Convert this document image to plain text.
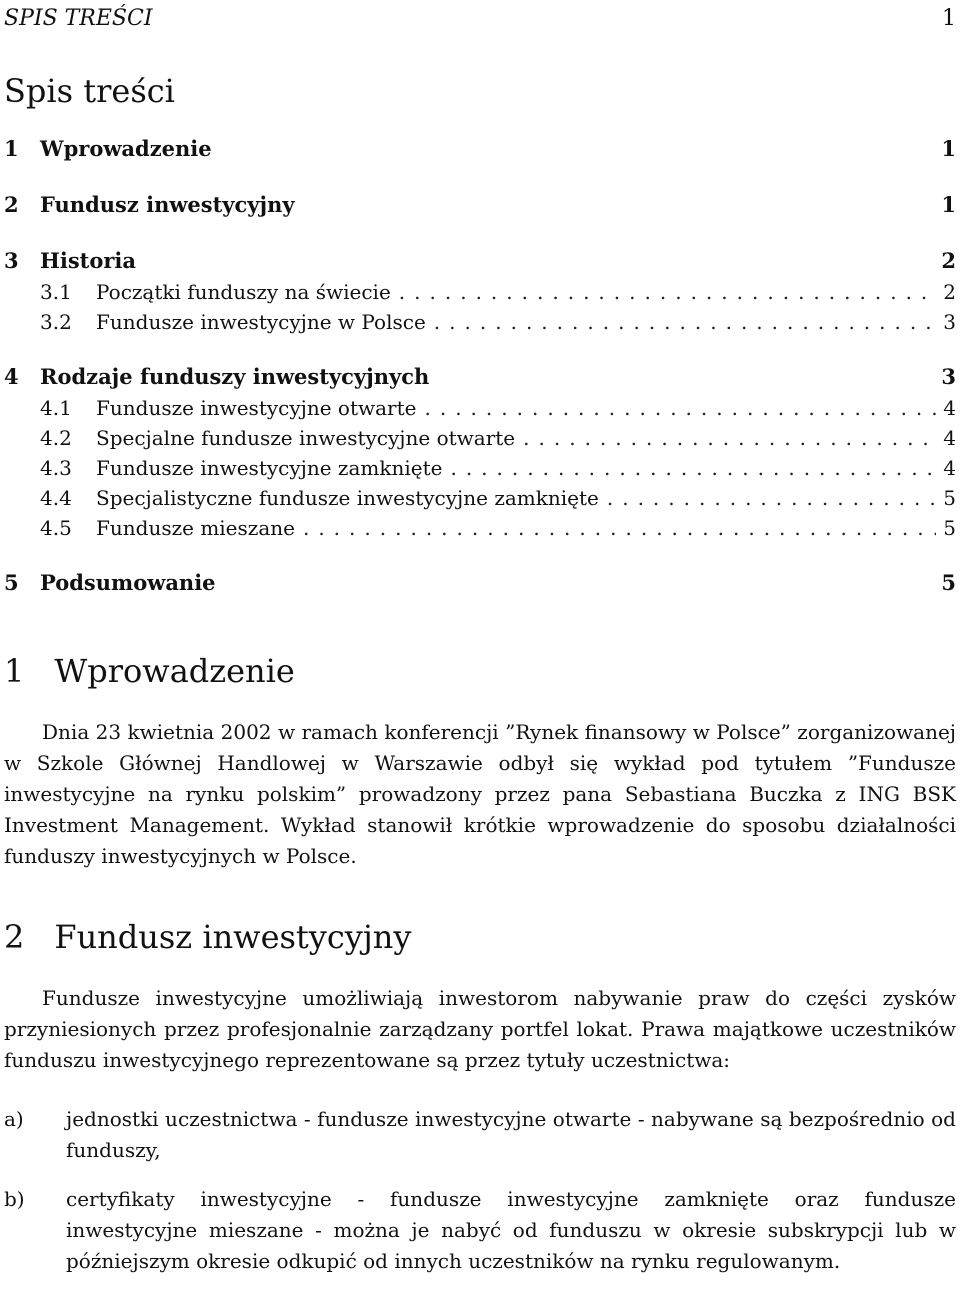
SPIS TREŚCI	1
Spis treści
1	Wprowadzenie	1
2	Fundusz inwestycyjny	1
3	Historia	2
3.1	Początki funduszy na świecie .....	2
3.2	Fundusze inwestycyjne w Polsce .....	3
4	Rodzaje funduszy inwestycyjnych	3
4.1	Fundusze inwestycyjne otwarte .....	4
4.2	Specjalne fundusze inwestycyjne otwarte .....	4
4.3	Fundusze inwestycyjne zamknięte .....	4
4.4	Specjalistyczne fundusze inwestycyjne zamknięte .....	5
4.5	Fundusze mieszane .....	5
5	Podsumowanie	5
1 Wprowadzenie

Dnia 23 kwietnia 2002 w ramach konferencji ”Rynek finansowy w Polsce” zorganizowanej w Szkole Głównej Handlowej w Warszawie odbył się wykład pod tytułem ”Fundusze inwestycyjne na rynku polskim” prowadzony przez pana Sebastiana Buczka z ING BSK Investment Management. Wykład stanowił krótkie wprowadzenie do sposobu działalności funduszy inwestycyjnych w Polsce.

2 Fundusz inwestycyjny

Fundusze inwestycyjne umożliwiają inwestorom nabywanie praw do części zysków przyniesionych przez profesjonalnie zarządzany portfel lokat. Prawa majątkowe uczestników funduszu inwestycyjnego reprezentowane są przez tytuły uczestnictwa:

a)	jednostki uczestnictwa - fundusze inwestycyjne otwarte - nabywane są bezpośrednio od funduszy,
b)	certyfikaty inwestycyjne - fundusze inwestycyjne zamknięte oraz fundusze inwestycyjne mieszane - można je nabyć od funduszu w okresie subskrypcji lub w późniejszym okresie odkupić od innych uczestników na rynku regulowanym.
